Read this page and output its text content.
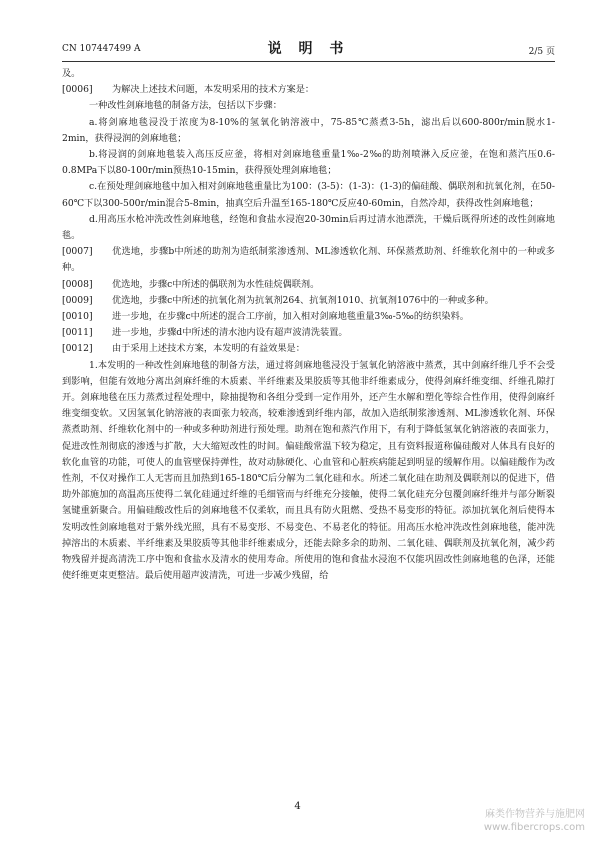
CN 107447499 A	说 明 书	2/5 页

及。

[0006] 为解决上述技术问题，本发明采用的技术方案是：

一种改性剑麻地毯的制备方法，包括以下步骤：

a.将剑麻地毯浸没于浓度为8-10%的氢氧化钠溶液中，75-85℃蒸煮3-5h，滤出后以600-800r/min脱水1-2min，获得浸润的剑麻地毯；

b.将浸润的剑麻地毯装入高压反应釜，将相对剑麻地毯重量1‰-2‰的助剂喷淋入反应釜，在饱和蒸汽压0.6-0.8MPa下以80-100r/min预热10-15min，获得预处理剑麻地毯；

c.在预处理剑麻地毯中加入相对剑麻地毯重量比为100：(3-5)：(1-3)：(1-3)的偏硅酸、偶联剂和抗氧化剂，在50-60℃下以300-500r/min混合5-8min，抽真空后升温至165-180℃反应40-60min，自然冷却，获得改性剑麻地毯；

d.用高压水枪冲洗改性剑麻地毯，经饱和食盐水浸泡20-30min后再过清水池漂洗，干燥后既得所述的改性剑麻地毯。

[0007] 优选地，步骤b中所述的助剂为造纸制浆渗透剂、ML渗透软化剂、环保蒸煮助剂、纤维软化剂中的一种或多种。

[0008] 优选地，步骤c中所述的偶联剂为水性硅烷偶联剂。

[0009] 优选地，步骤c中所述的抗氧化剂为抗氧剂264、抗氧剂1010、抗氧剂1076中的一种或多种。

[0010] 进一步地，在步骤c中所述的混合工序前，加入相对剑麻地毯重量3‰-5‰的纺织染料。

[0011] 进一步地，步骤d中所述的清水池内设有超声波清洗装置。

[0012] 由于采用上述技术方案，本发明的有益效果是：

1.本发明的一种改性剑麻地毯的制备方法，通过将剑麻地毯浸没于氢氧化钠溶液中蒸煮，其中剑麻纤维几乎不会受到影响，但能有效地分离出剑麻纤维的木质素、半纤维素及果胶质等其他非纤维素成分，使得剑麻纤维变细、纤维孔隙打开。剑麻地毯在压力蒸煮过程处理中，除抽提物和各组分受到一定作用外，还产生水解和塑化等综合性作用，使得剑麻纤维变细变软。又因氢氧化钠溶液的表面张力较高，较难渗透到纤维内部，故加入造纸制浆渗透剂、ML渗透软化剂、环保蒸煮助剂、纤维软化剂中的一种或多种助剂进行预处理。助剂在饱和蒸汽作用下，有利于降低氢氧化钠溶液的表面张力，促进改性剂彻底的渗透与扩散，大大缩短改性的时间。偏硅酸常温下较为稳定，且有资料报道称偏硅酸对人体具有良好的软化血管的功能，可使人的血管壁保持弹性，故对动脉硬化、心血管和心脏疾病能起到明显的缓解作用。以偏硅酸作为改性剂，不仅对操作工人无害而且加热到165-180℃后分解为二氧化硅和水。所述二氧化硅在助剂及偶联剂以的促进下，借助外部施加的高温高压使得二氧化硅通过纤维的毛细管而与纤维充分接触，使得二氧化硅充分包覆剑麻纤维并与部分断裂氢键重新聚合。用偏硅酸改性后的剑麻地毯不仅柔软，而且具有防火阻燃、受热不易变形的特征。添加抗氧化剂后使得本发明改性剑麻地毯对于紫外线光照，具有不易变形、不易变色、不易老化的特征。用高压水枪冲洗改性剑麻地毯，能冲洗掉溶出的木质素、半纤维素及果胶质等其他非纤维素成分，还能去除多余的助剂、二氧化硅、偶联剂及抗氧化剂，减少药物残留并提高清洗工序中饱和食盐水及清水的使用寿命。所使用的饱和食盐水浸泡不仅能巩固改性剑麻地毯的色泽，还能使纤维更束更整洁。最后使用超声波清洗，可进一步减少残留，给

4
麻类作物营养与施肥网
www.fibercrops.com
